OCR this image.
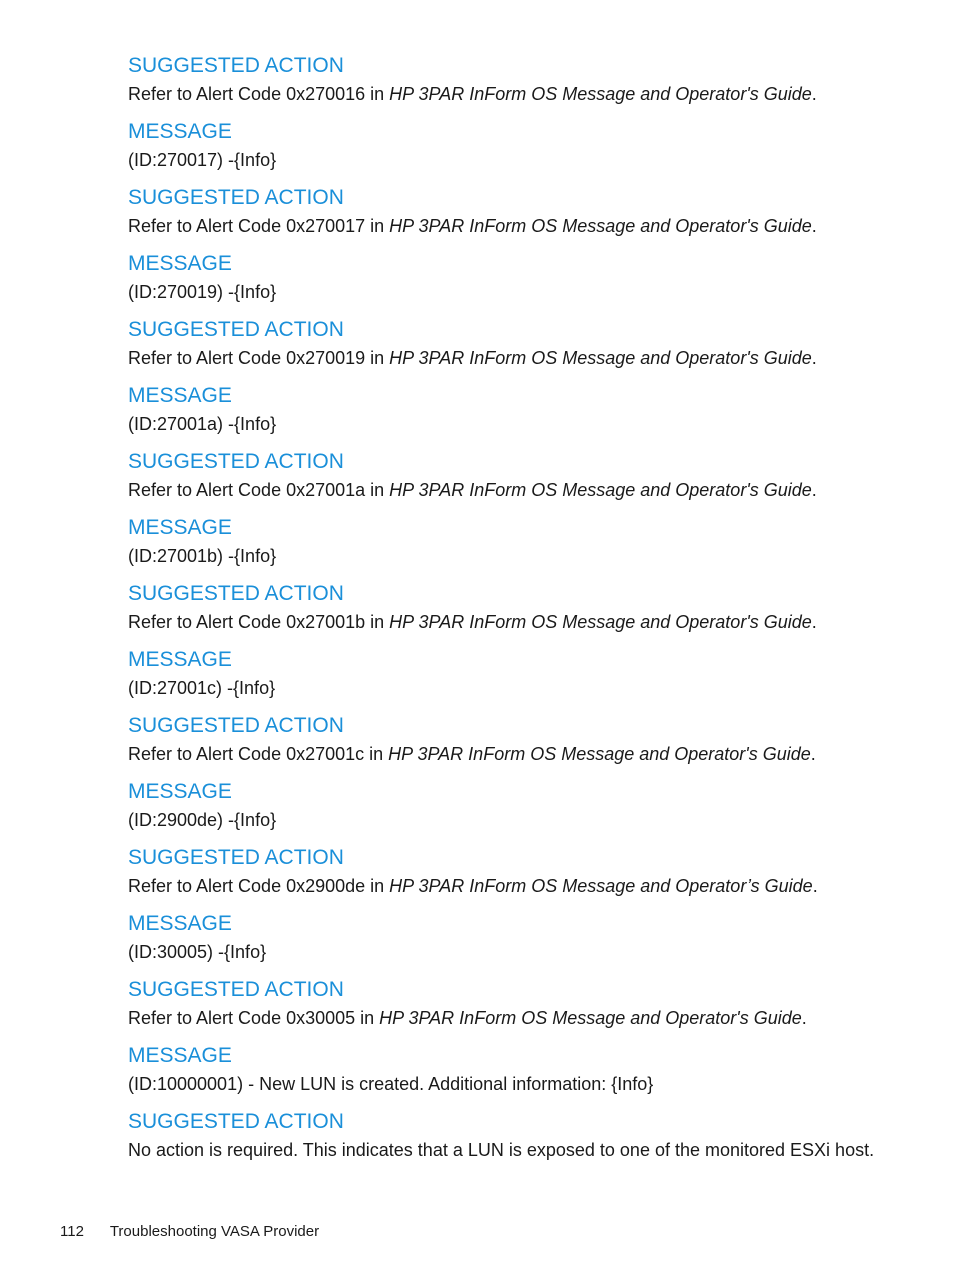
SUGGESTED ACTION
Refer to Alert Code 0x270016 in HP 3PAR InForm OS Message and Operator's Guide.
MESSAGE
(ID:270017) -{Info}
SUGGESTED ACTION
Refer to Alert Code 0x270017 in HP 3PAR InForm OS Message and Operator's Guide.
MESSAGE
(ID:270019) -{Info}
SUGGESTED ACTION
Refer to Alert Code 0x270019 in HP 3PAR InForm OS Message and Operator's Guide.
MESSAGE
(ID:27001a) -{Info}
SUGGESTED ACTION
Refer to Alert Code 0x27001a in HP 3PAR InForm OS Message and Operator's Guide.
MESSAGE
(ID:27001b) -{Info}
SUGGESTED ACTION
Refer to Alert Code 0x27001b in HP 3PAR InForm OS Message and Operator's Guide.
MESSAGE
(ID:27001c) -{Info}
SUGGESTED ACTION
Refer to Alert Code 0x27001c in HP 3PAR InForm OS Message and Operator's Guide.
MESSAGE
(ID:2900de) -{Info}
SUGGESTED ACTION
Refer to Alert Code 0x2900de in HP 3PAR InForm OS Message and Operator’s Guide.
MESSAGE
(ID:30005) -{Info}
SUGGESTED ACTION
Refer to Alert Code 0x30005 in HP 3PAR InForm OS Message and Operator's Guide.
MESSAGE
(ID:10000001) - New LUN is created. Additional information: {Info}
SUGGESTED ACTION
No action is required. This indicates that a LUN is exposed to one of the monitored ESXi host.
112 Troubleshooting VASA Provider
